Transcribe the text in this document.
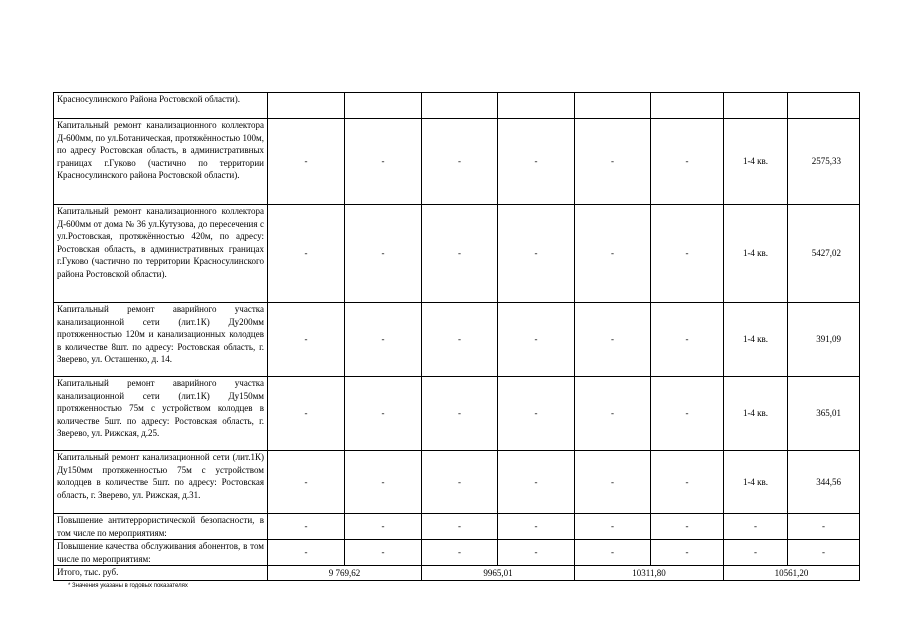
Красносулинского Района Ростовской области).								
Капитальный ремонт канализационного коллектора Д-600мм, по ул.Ботаническая, протяжённостью 100м, по адресу Ростовская область, в административных границах г.Гуково (частично по территории Красносулинского района Ростовской области).	-	-	-	-	-	-	1-4 кв.	2575,33
Капитальный ремонт канализационного коллектора Д-600мм от дома № 36 ул.Кутузова, до пересечения с ул.Ростовская, протяжённостью 420м, по адресу: Ростовская область, в административных границах г.Гуково (частично по территории Красносулинского района Ростовской области).	-	-	-	-	-	-	1-4 кв.	5427,02
Капитальный ремонт аварийного участка канализационной сети (лит.1К) Ду200мм протяженностью 120м и канализационных колодцев в количестве 8шт. по адресу: Ростовская область, г. Зверево, ул. Осташенко, д. 14.	-	-	-	-	-	-	1-4 кв.	391,09
Капитальный ремонт аварийного участка канализационной сети (лит.1К) Ду150мм протяженностью 75м с устройством колодцев в количестве 5шт. по адресу: Ростовская область, г. Зверево, ул. Рижская, д.25.	-	-	-	-	-	-	1-4 кв.	365,01
Капитальный ремонт канализационной сети (лит.1К) Ду150мм протяженностью 75м с устройством колодцев в количестве 5шт. по адресу: Ростовская область, г. Зверево, ул. Рижская, д.31.	-	-	-	-	-	-	1-4 кв.	344,56
Повышение антитеррористической безопасности, в том числе по мероприятиям:	-	-	-	-	-	-	-	-
Повышение качества обслуживания абонентов, в том числе по мероприятиям:	-	-	-	-	-	-	-	-
Итого, тыс. руб.	9 769,62		9965,01		10311,80		10561,20	
* Значения указаны в годовых показателях
